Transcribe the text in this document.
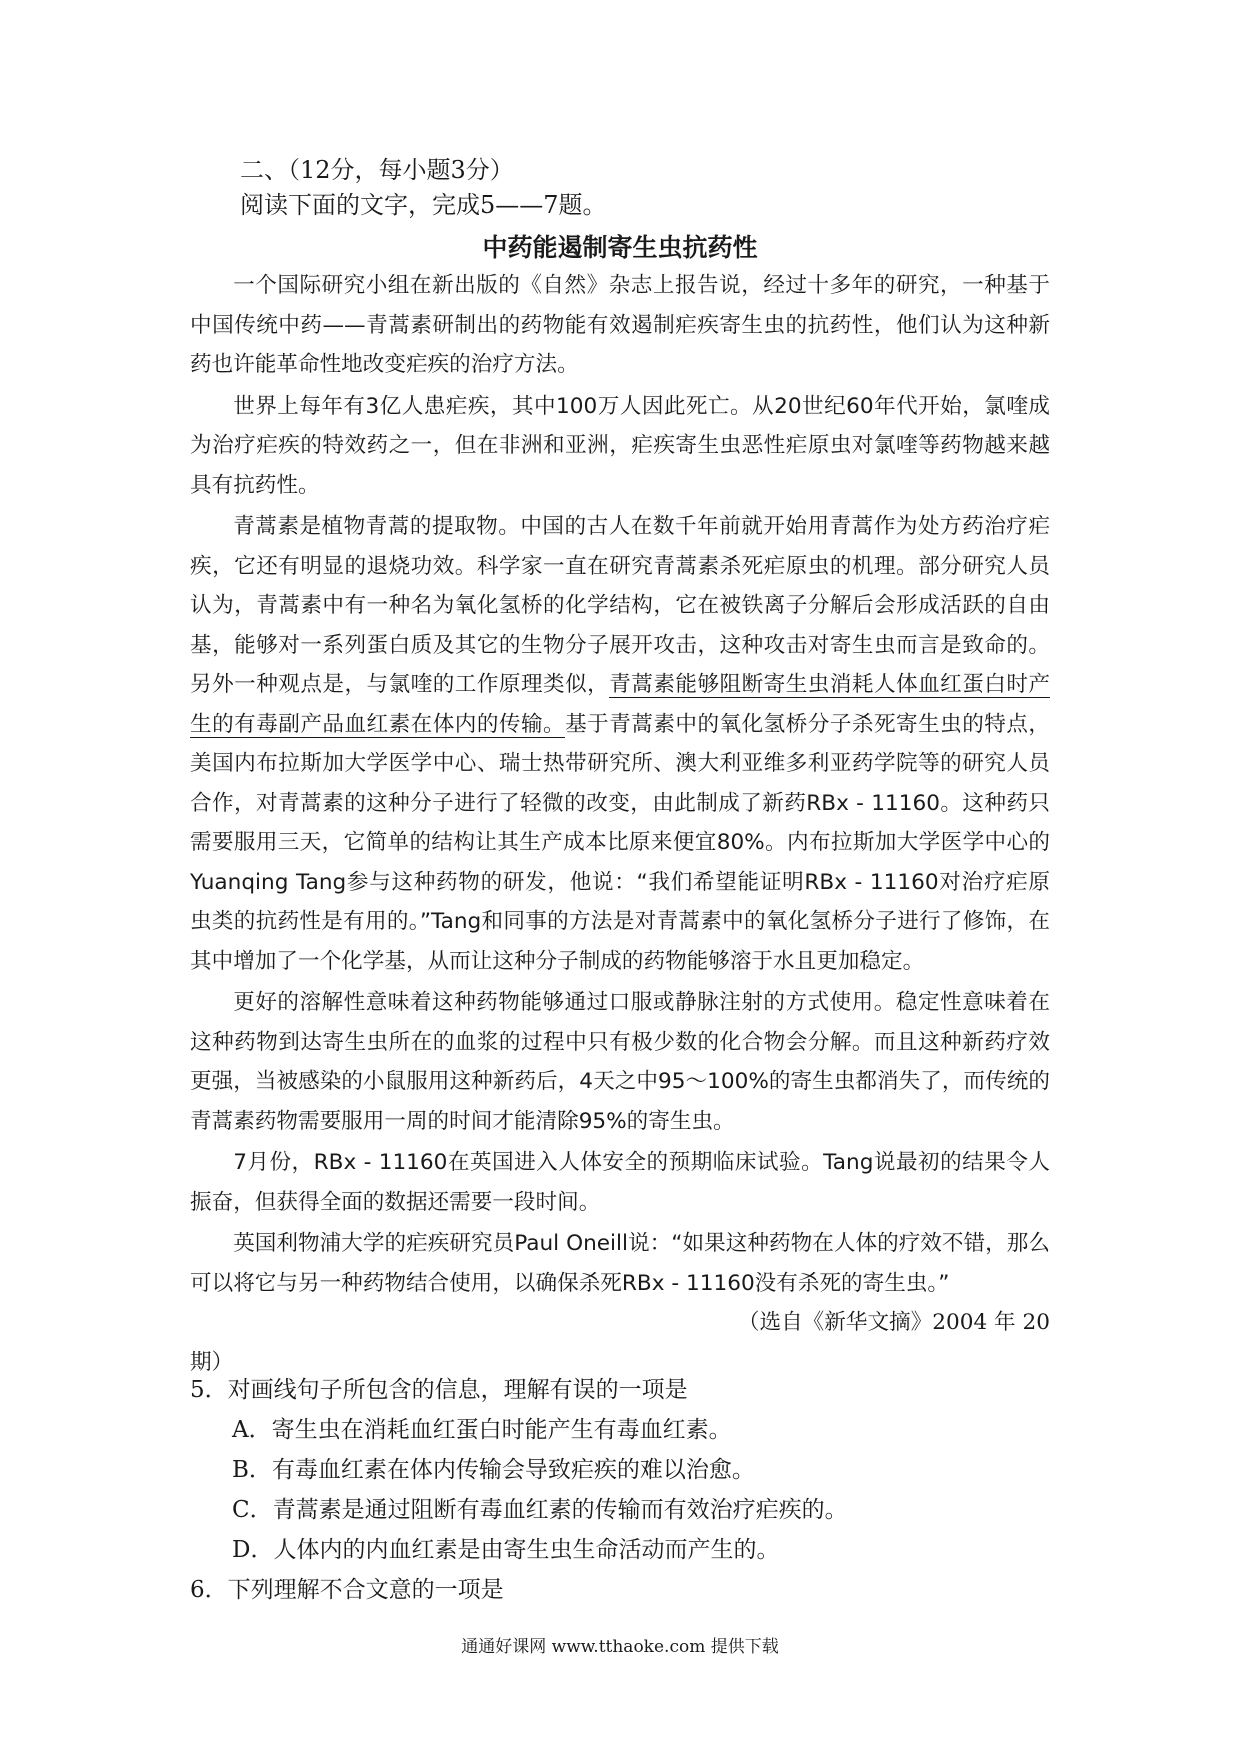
二、（12分，每小题3分）
阅读下面的文字，完成5——7题。
中药能遏制寄生虫抗药性

一个国际研究小组在新出版的《自然》杂志上报告说，经过十多年的研究，一种基于中国传统中药——青蒿素研制出的药物能有效遏制疟疾寄生虫的抗药性，他们认为这种新药也许能革命性地改变疟疾的治疗方法。

世界上每年有3亿人患疟疾，其中100万人因此死亡。从20世纪60年代开始，氯喹成为治疗疟疾的特效药之一，但在非洲和亚洲，疟疾寄生虫恶性疟原虫对氯喹等药物越来越具有抗药性。

青蒿素是植物青蒿的提取物。中国的古人在数千年前就开始用青蒿作为处方药治疗疟疾，它还有明显的退烧功效。科学家一直在研究青蒿素杀死疟原虫的机理。部分研究人员认为，青蒿素中有一种名为氧化氢桥的化学结构，它在被铁离子分解后会形成活跃的自由基，能够对一系列蛋白质及其它的生物分子展开攻击，这种攻击对寄生虫而言是致命的。另外一种观点是，与氯喹的工作原理类似，青蒿素能够阻断寄生虫消耗人体血红蛋白时产生的有毒副产品血红素在体内的传输。基于青蒿素中的氧化氢桥分子杀死寄生虫的特点，美国内布拉斯加大学医学中心、瑞士热带研究所、澳大利亚维多利亚药学院等的研究人员合作，对青蒿素的这种分子进行了轻微的改变，由此制成了新药RBx - 11160。这种药只需要服用三天，它简单的结构让其生产成本比原来便宜80%。内布拉斯加大学医学中心的Yuanqing Tang参与这种药物的研发，他说：“我们希望能证明RBx - 11160对治疗疟原虫类的抗药性是有用的。”Tang和同事的方法是对青蒿素中的氧化氢桥分子进行了修饰，在其中增加了一个化学基，从而让这种分子制成的药物能够溶于水且更加稳定。

更好的溶解性意味着这种药物能够通过口服或静脉注射的方式使用。稳定性意味着在这种药物到达寄生虫所在的血浆的过程中只有极少数的化合物会分解。而且这种新药疗效更强，当被感染的小鼠服用这种新药后，4天之中95～100%的寄生虫都消失了，而传统的青蒿素药物需要服用一周的时间才能清除95%的寄生虫。

7月份，RBx - 11160在英国进入人体安全的预期临床试验。Tang说最初的结果令人振奋，但获得全面的数据还需要一段时间。

英国利物浦大学的疟疾研究员Paul Oneill说：“如果这种药物在人体的疗效不错，那么可以将它与另一种药物结合使用，以确保杀死RBx - 11160没有杀死的寄生虫。”

（选自《新华文摘》2004 年 20
期）

5．对画线句子所包含的信息，理解有误的一项是

A．寄生虫在消耗血红蛋白时能产生有毒血红素。

B．有毒血红素在体内传输会导致疟疾的难以治愈。

C．青蒿素是通过阻断有毒血红素的传输而有效治疗疟疾的。

D．人体内的内血红素是由寄生虫生命活动而产生的。

6．下列理解不合文意的一项是

通通好课网 www.tthaoke.com 提供下载
